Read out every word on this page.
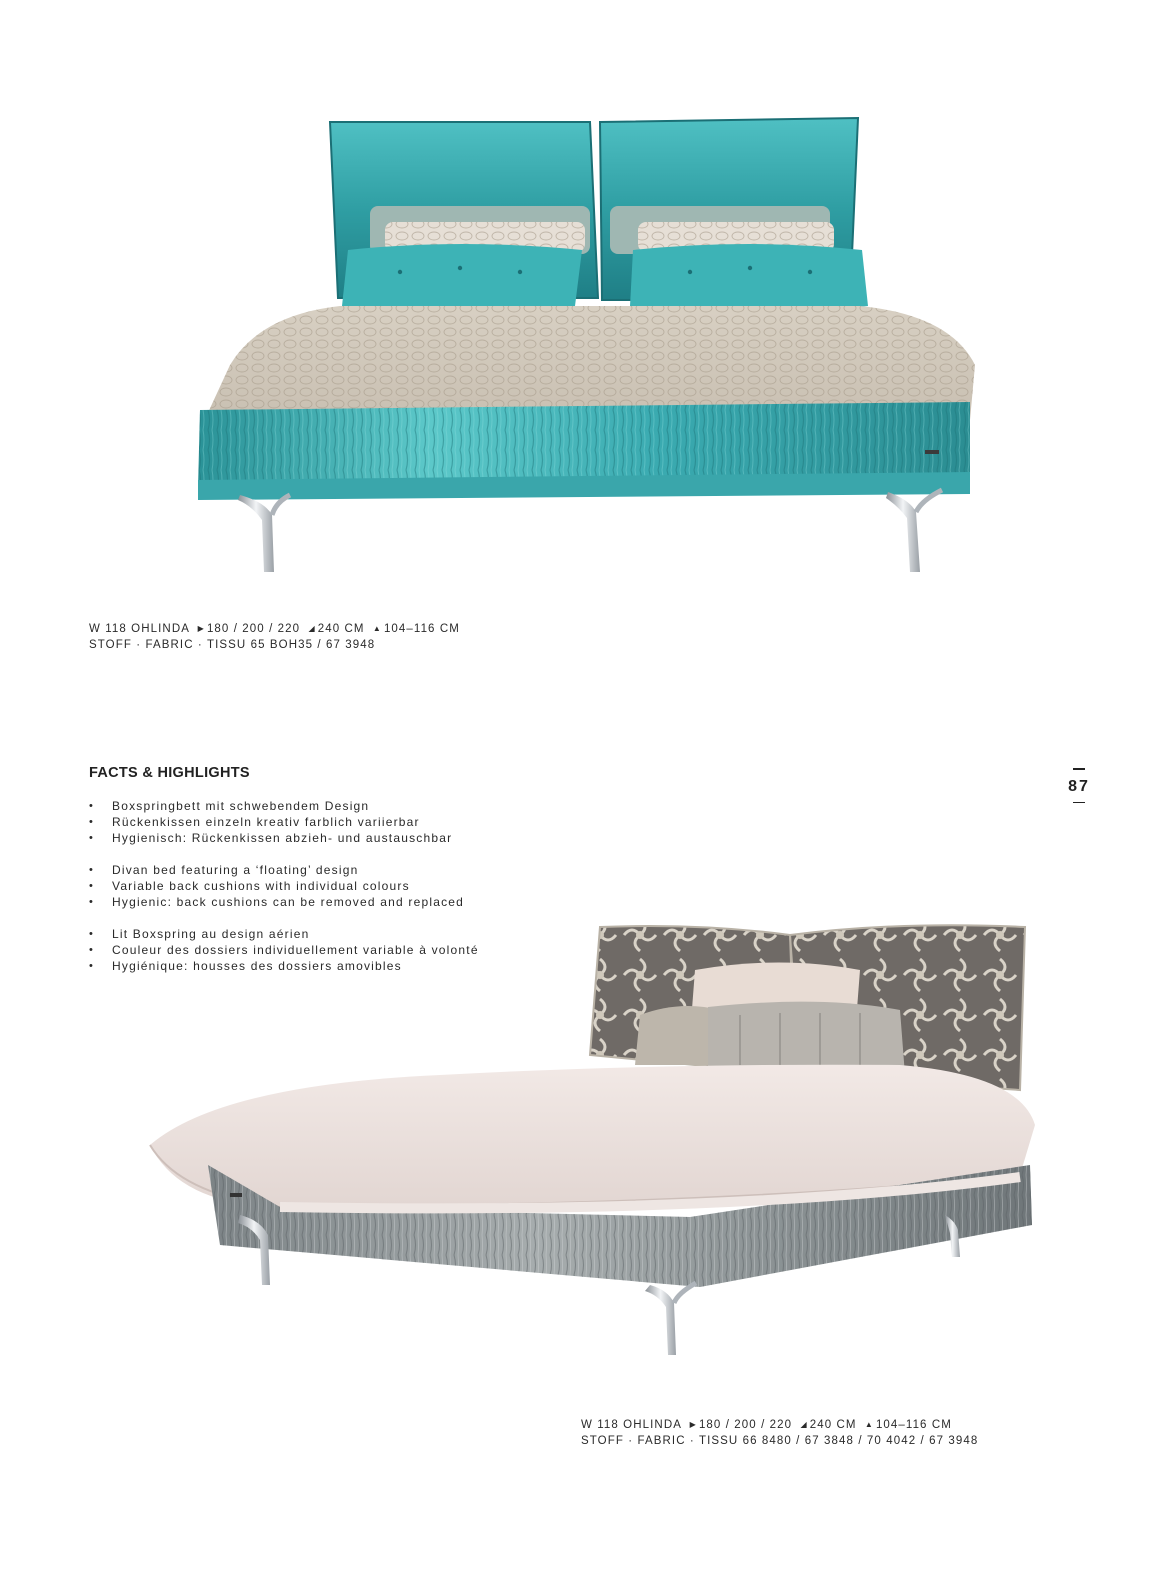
W 118 OHLINDA ▶ 180 / 200 / 220 ◢ 240 CM ▲ 104–116 CM
STOFF · FABRIC · TISSU 65 BOH35 / 67 3948
FACTS & HIGHLIGHTS
• Boxspringbett mit schwebendem Design
• Rückenkissen einzeln kreativ farblich variierbar
• Hygienisch: Rückenkissen abzieh- und austauschbar
• Divan bed featuring a ‘floating’ design
• Variable back cushions with individual colours
• Hygienic: back cushions can be removed and replaced
• Lit Boxspring au design aérien
• Couleur des dossiers individuellement variable à volonté
• Hygiénique: housses des dossiers amovibles
87
W 118 OHLINDA ▶ 180 / 200 / 220 ◢ 240 CM ▲ 104–116 CM
STOFF · FABRIC · TISSU 66 8480 / 67 3848 / 70 4042 / 67 3948
